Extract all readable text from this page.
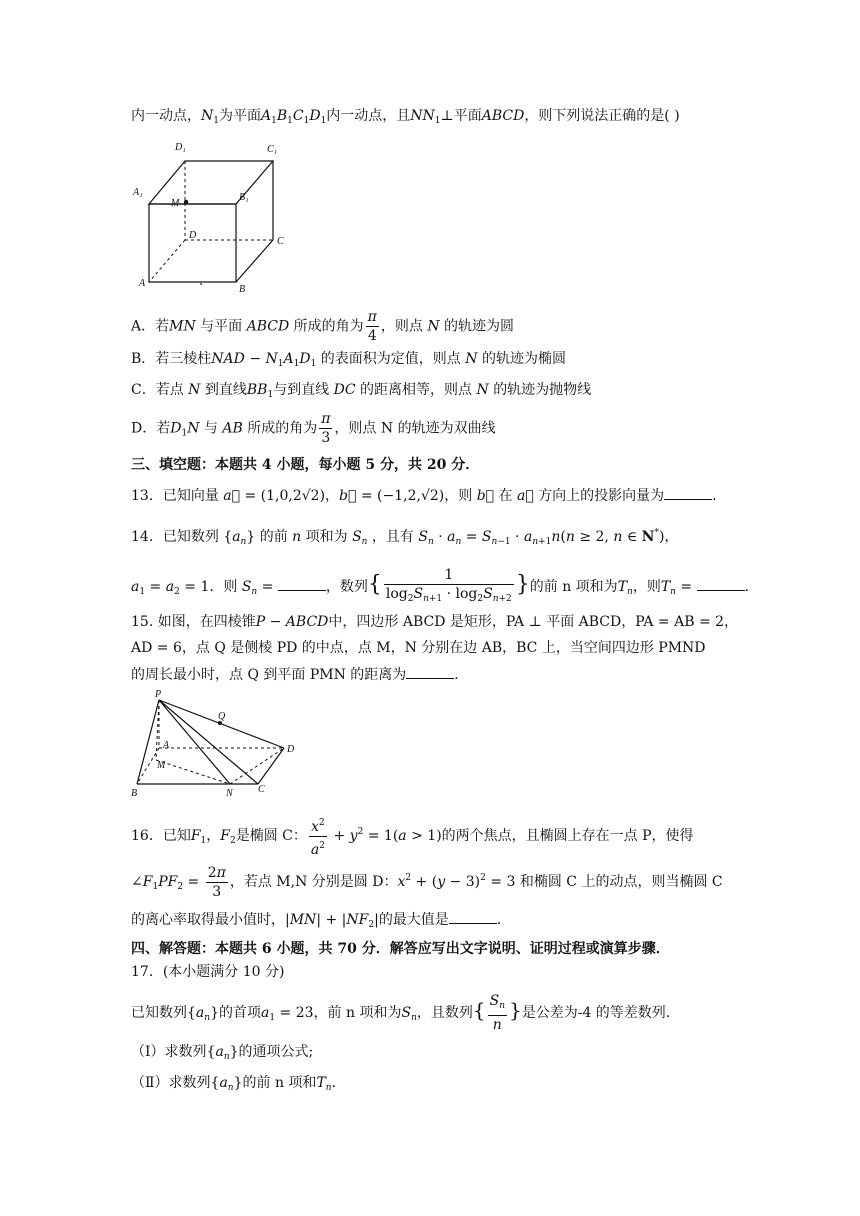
内一动点，$N_1$为平面$A_1B_1C_1D_1$内一动点，且$NN_1\perp$平面ABCD，则下列说法正确的是( )
D₁	C₁
A₁	B₁
M
D
C
A
B
A．若MN 与平面 ABCD 所成的角为 $\frac{\pi}{4}$ ，则点 N 的轨迹为圆
B．若三棱柱NAD − $N_1A_1D_1$ 的表面积为定值，则点 N 的轨迹为椭圆
C．若点 N 到直线$BB_1$与到直线 DC 的距离相等，则点 N 的轨迹为抛物线
D．若$D_1N$ 与 AB 所成的角为 $\frac{\pi}{3}$ ，则点 N 的轨迹为双曲线
三、填空题：本题共 4 小题，每小题 5 分，共 20 分．
13．已知向量 a⃗ = (1,0,2√2)，b⃗ = (−1,2,√2)，则 b⃗ 在 a⃗ 方向上的投影向量为	．
14．已知数列 $\{a_n\}$ 的前 n 项和为 $S_n$ ，且有 $S_n \cdot a_n = S_{n-1} \cdot a_{n+1}n(n \ge 2$, n ∈ N*)，
$a_1 = a_2 = 1$．则 $S_n$ =	，数列{ $\frac{1}{\log_2S_{n+1} \cdot \log_2S_{n+2}}$ }的前 n 项和为$T_n$，则$T_n$ =	．
15. 如图，在四棱锥P − ABCD中，四边形 ABCD 是矩形，PA ⊥ 平面 ABCD，PA = AB = 2，
AD = 6，点 Q 是侧棱 PD 的中点，点 M，N 分别在边 AB，BC 上，当空间四边形 PMND
的周长最小时，点 Q 到平面 PMN 的距离为	．
P
Q
A
M
D
B	N	C
16．已知$F_1$，$F_2$是椭圆 C： $\frac{x^2}{a^2} + y^2 = 1(a > 1)$的两个焦点，且椭圆上存在一点 P，使得
$\angle F_1PF_2 = \frac{2\pi}{3}$ ，若点 M,N 分别是圆 D：$x^2 + (y - 3)^2 = 3$ 和椭圆 C 上的动点，则当椭圆 C
的离心率取得最小值时，$|MN| + |NF_2|$的最大值是	．
四、解答题：本题共 6 小题，共 70 分．解答应写出文字说明、证明过程或演算步骤．
17．(本小题满分 10 分)
已知数列$\{a_n\}$的首项$a_1 = 23$，前 n 项和为$S_n$，且数列{ $\frac{S_n}{n}$ }是公差为-4 的等差数列.
（Ⅰ）求数列$\{a_n\}$的通项公式;
（Ⅱ）求数列$\{a_n\}$的前 n 项和$T_n$.
